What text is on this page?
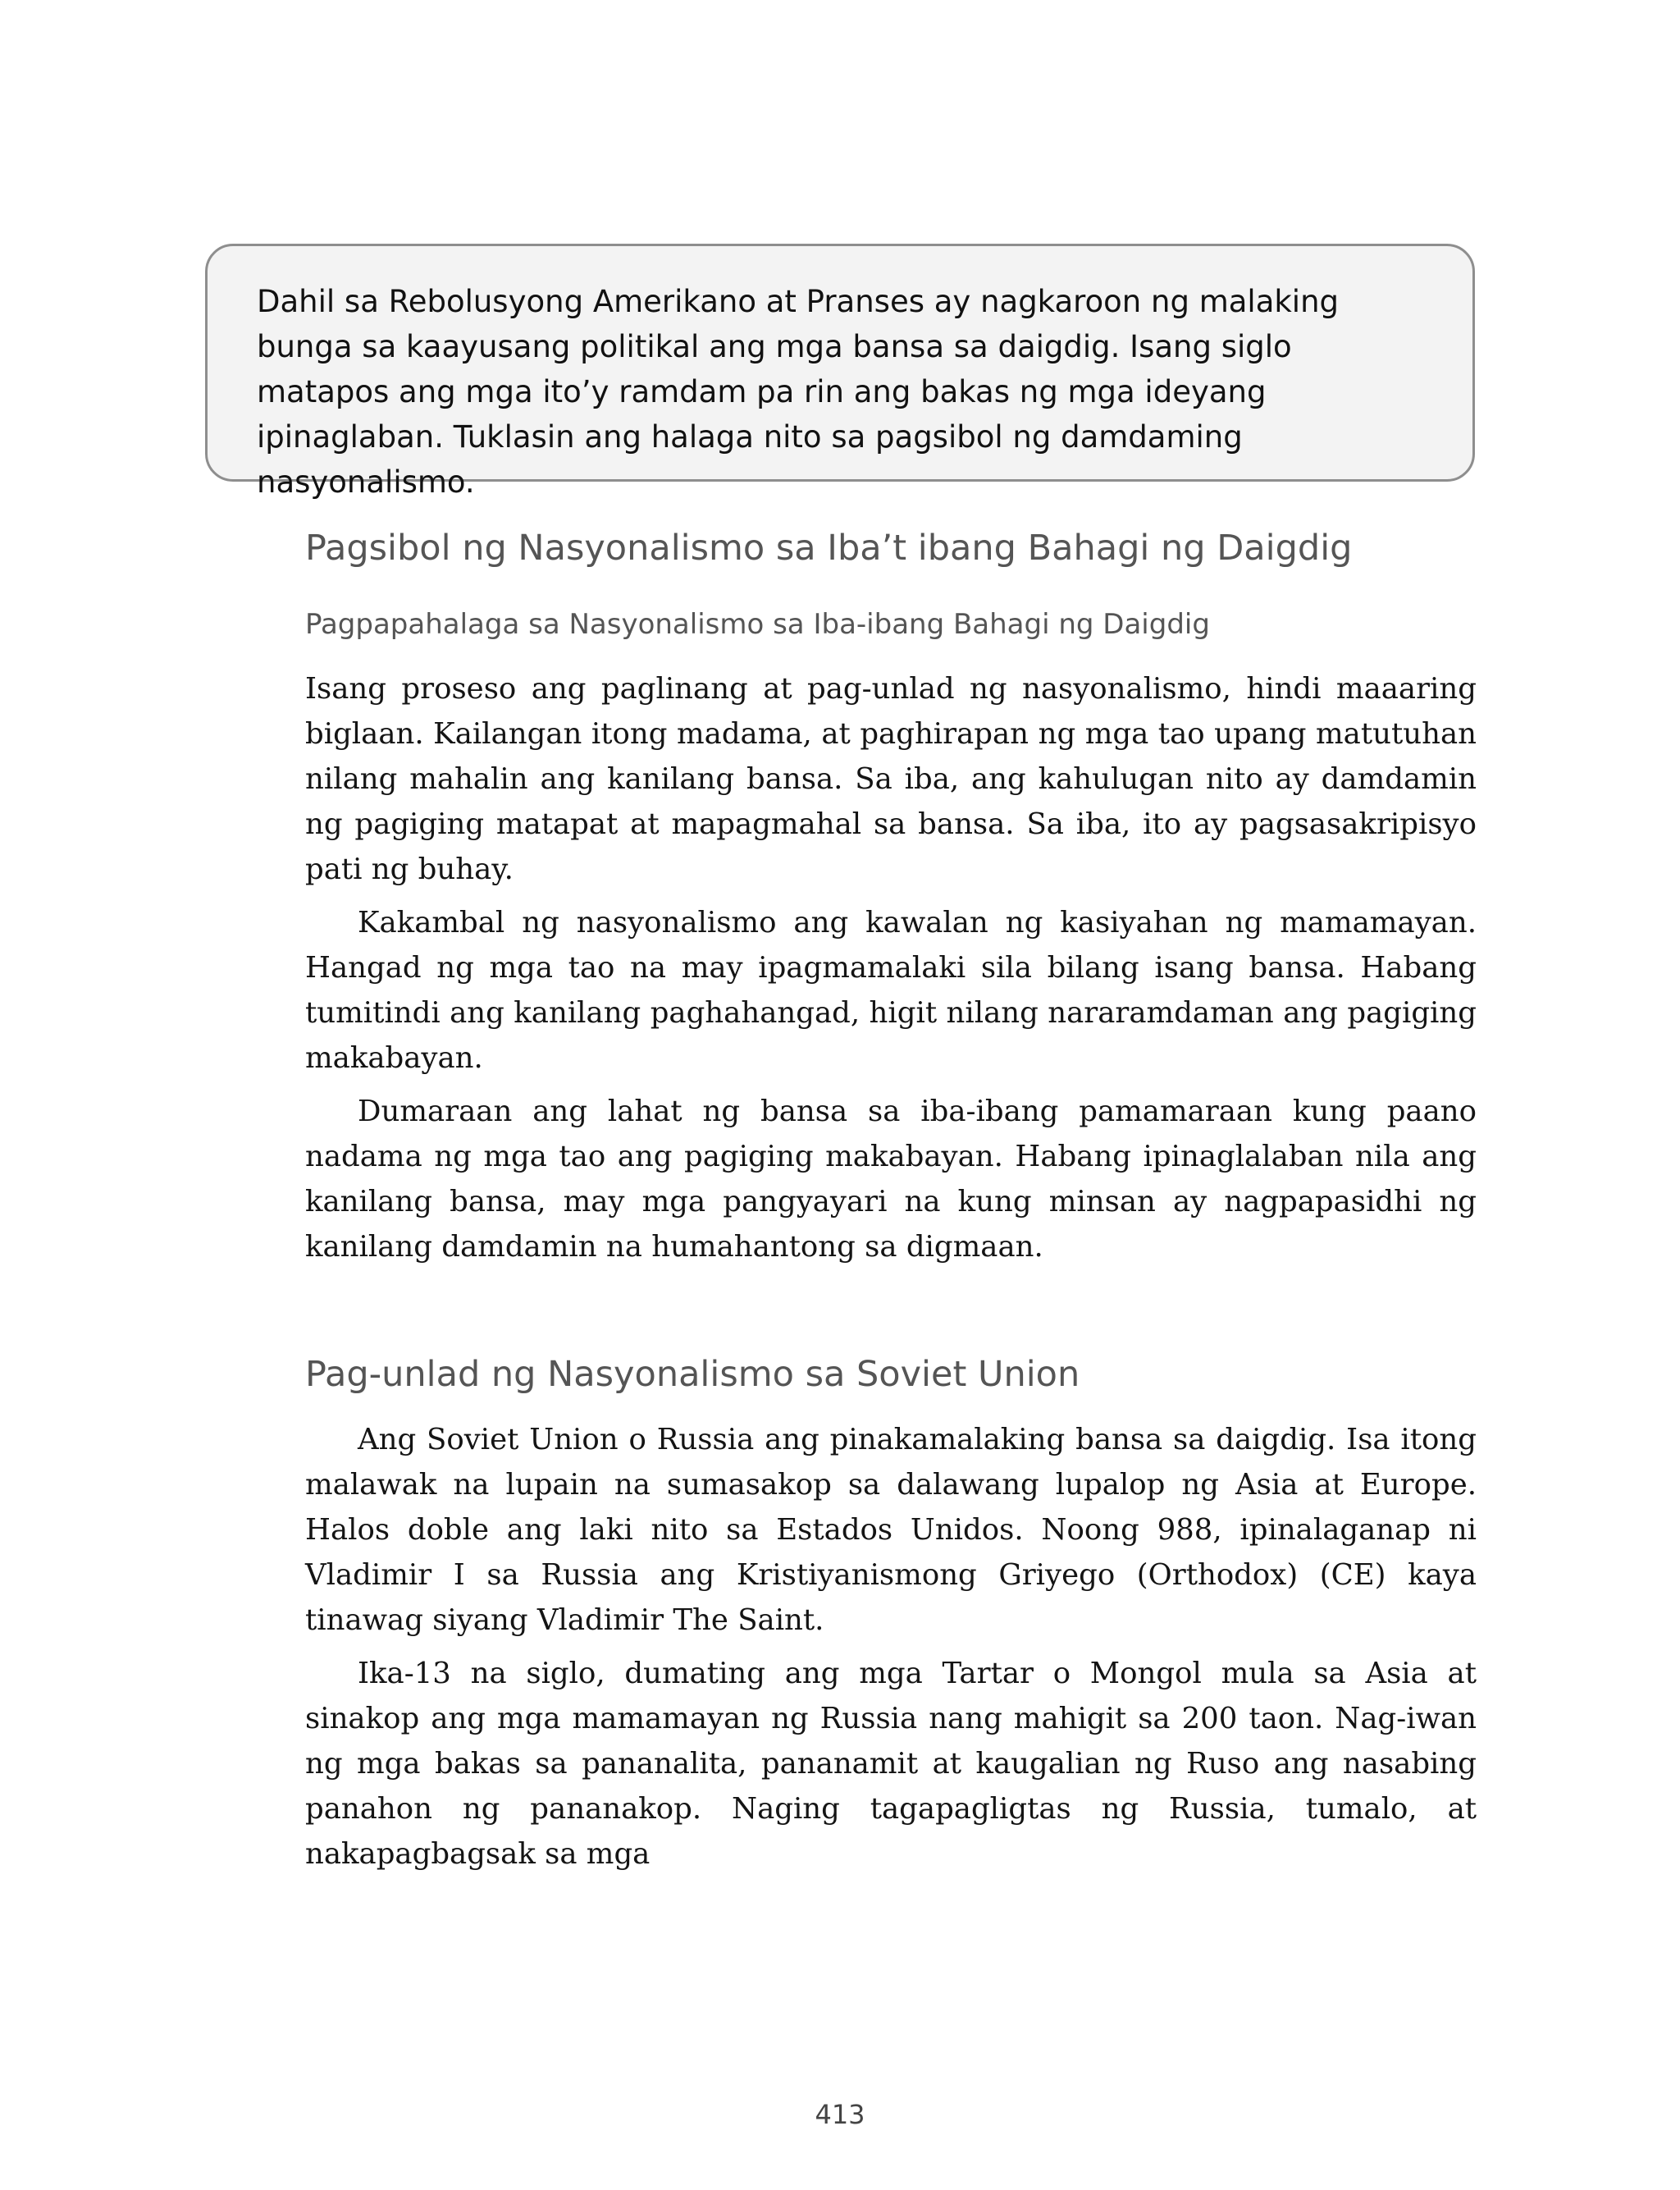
Dahil sa Rebolusyong Amerikano at Pranses ay nagkaroon ng malaking bunga sa kaayusang politikal ang mga bansa sa daigdig. Isang siglo matapos ang mga ito’y ramdam pa rin ang bakas ng mga ideyang ipinaglaban. Tuklasin ang halaga nito sa pagsibol ng damdaming nasyonalismo.
Pagsibol ng Nasyonalismo sa Iba’t ibang Bahagi ng Daigdig
Pagpapahalaga sa Nasyonalismo sa Iba-ibang Bahagi ng Daigdig

Isang proseso ang paglinang at pag-unlad ng nasyonalismo, hindi maaaring biglaan. Kailangan itong madama, at paghirapan ng mga tao upang matutuhan nilang mahalin ang kanilang bansa. Sa iba, ang kahulugan nito ay damdamin ng pagiging matapat at mapagmahal sa bansa. Sa iba, ito ay pagsasakripisyo pati ng buhay.

Kakambal ng nasyonalismo ang kawalan ng kasiyahan ng mamamayan. Hangad ng mga tao na may ipagmamalaki sila bilang isang bansa. Habang tumitindi ang kanilang paghahangad, higit nilang nararamdaman ang pagiging makabayan.

Dumaraan ang lahat ng bansa sa iba-ibang pamamaraan kung paano nadama ng mga tao ang pagiging makabayan. Habang ipinaglalaban nila ang kanilang bansa, may mga pangyayari na kung minsan ay nagpapasidhi ng kanilang damdamin na humahantong sa digmaan.

Pag-unlad ng Nasyonalismo sa Soviet Union

Ang Soviet Union o Russia ang pinakamalaking bansa sa daigdig. Isa itong malawak na lupain na sumasakop sa dalawang lupalop ng Asia at Europe. Halos doble ang laki nito sa Estados Unidos. Noong 988, ipinalaganap ni Vladimir I sa Russia ang Kristiyanismong Griyego (Orthodox) (CE) kaya tinawag siyang Vladimir The Saint.

Ika-13 na siglo, dumating ang mga Tartar o Mongol mula sa Asia at sinakop ang mga mamamayan ng Russia nang mahigit sa 200 taon. Nag-iwan ng mga bakas sa pananalita, pananamit at kaugalian ng Ruso ang nasabing panahon ng pananakop. Naging tagapagligtas ng Russia, tumalo, at nakapagbagsak sa mga

413
